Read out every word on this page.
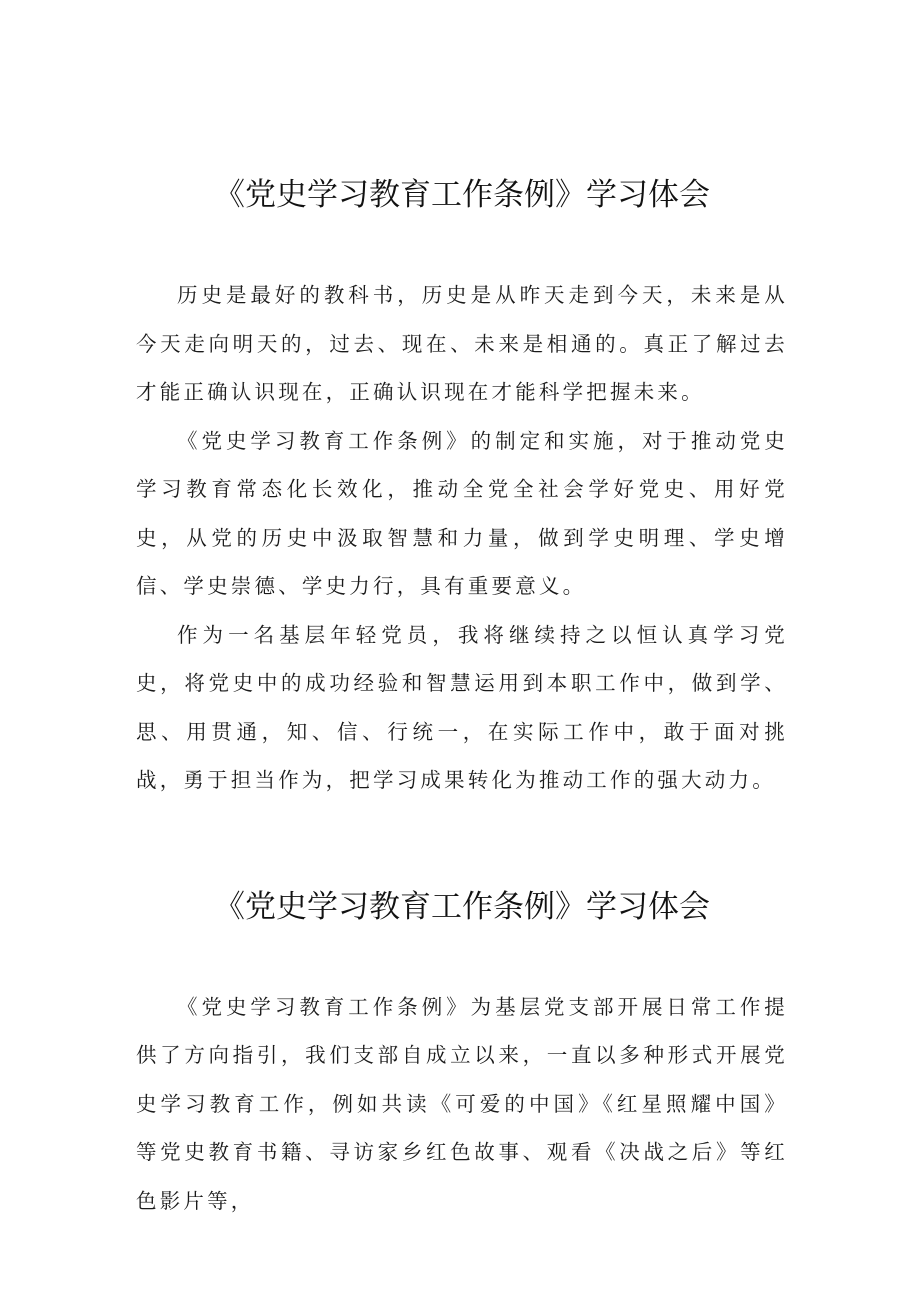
《党史学习教育工作条例》学习体会

历史是最好的教科书，历史是从昨天走到今天，未来是从今天走向明天的，过去、现在、未来是相通的。真正了解过去才能正确认识现在，正确认识现在才能科学把握未来。

《党史学习教育工作条例》的制定和实施，对于推动党史学习教育常态化长效化，推动全党全社会学好党史、用好党史，从党的历史中汲取智慧和力量，做到学史明理、学史增信、学史崇德、学史力行，具有重要意义。

作为一名基层年轻党员，我将继续持之以恒认真学习党史，将党史中的成功经验和智慧运用到本职工作中，做到学、思、用贯通，知、信、行统一，在实际工作中，敢于面对挑战，勇于担当作为，把学习成果转化为推动工作的强大动力。

《党史学习教育工作条例》学习体会

《党史学习教育工作条例》为基层党支部开展日常工作提供了方向指引，我们支部自成立以来，一直以多种形式开展党史学习教育工作，例如共读《可爱的中国》《红星照耀中国》等党史教育书籍、寻访家乡红色故事、观看《决战之后》等红色影片等，
